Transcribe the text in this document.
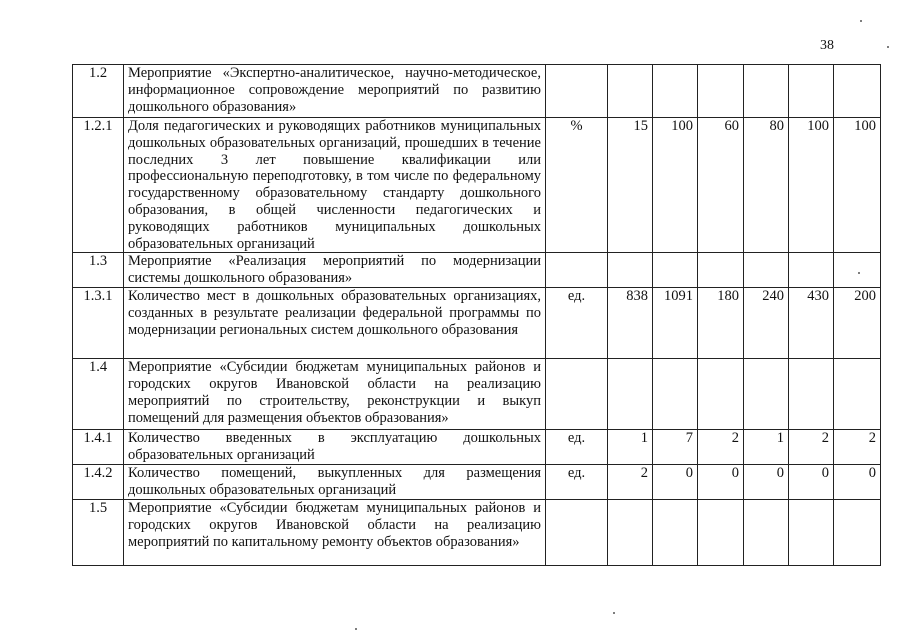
38
1.2	Мероприятие «Экспертно-аналитическое, научно-методическое, информационное сопровождение мероприятий по развитию дошкольного образования»							
1.2.1	Доля педагогических и руководящих работников муниципальных дошкольных образовательных организаций, прошедших в течение последних 3 лет повышение квалификации или профессиональную переподготовку, в том числе по федеральному государственному образовательному стандарту дошкольного образования, в общей численности педагогических и руководящих работников муниципальных дошкольных образовательных организаций	%	15	100	60	80	100	100
1.3	Мероприятие «Реализация мероприятий по модернизации системы дошкольного образования»							
1.3.1	Количество мест в дошкольных образовательных организациях, созданных в результате реализации федеральной программы по модернизации региональных систем дошкольного образования	ед.	838	1091	180	240	430	200
1.4	Мероприятие «Субсидии бюджетам муниципальных районов и городских округов Ивановской области на реализацию мероприятий по строительству, реконструкции и выкуп помещений для размещения объектов образования»							
1.4.1	Количество введенных в эксплуатацию дошкольных образовательных организаций	ед.	1	7	2	1	2	2
1.4.2	Количество помещений, выкупленных для размещения дошкольных образовательных организаций	ед.	2	0	0	0	0	0
1.5	Мероприятие «Субсидии бюджетам муниципальных районов и городских округов Ивановской области на реализацию мероприятий по капитальному ремонту объектов образования»							
